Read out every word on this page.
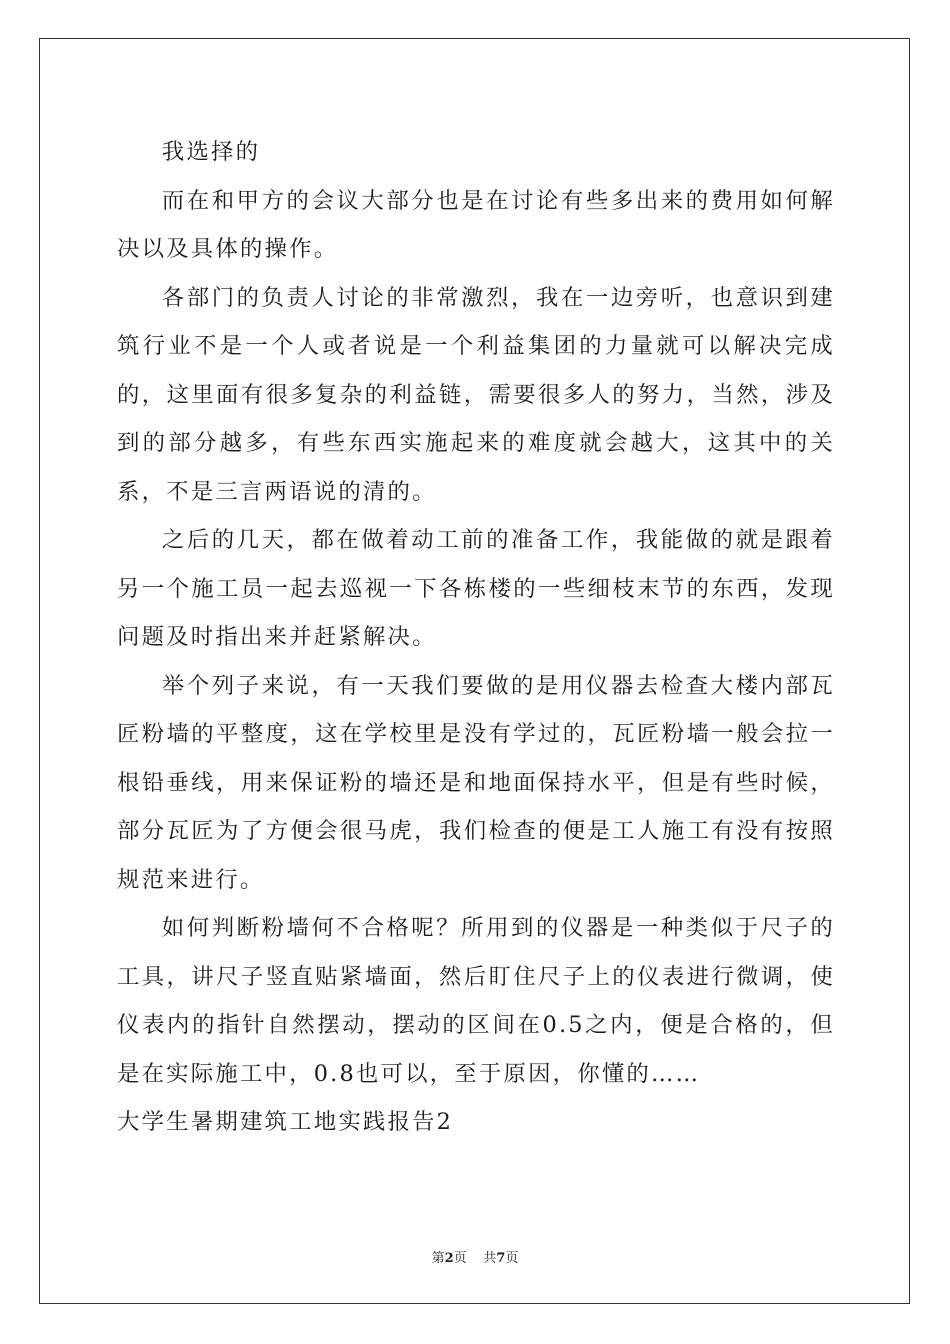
我选择的

而在和甲方的会议大部分也是在讨论有些多出来的费用如何解决以及具体的操作。

各部门的负责人讨论的非常激烈，我在一边旁听，也意识到建筑行业不是一个人或者说是一个利益集团的力量就可以解决完成的，这里面有很多复杂的利益链，需要很多人的努力，当然，涉及到的部分越多，有些东西实施起来的难度就会越大，这其中的关系，不是三言两语说的清的。

之后的几天，都在做着动工前的准备工作，我能做的就是跟着另一个施工员一起去巡视一下各栋楼的一些细枝末节的东西，发现问题及时指出来并赶紧解决。

举个列子来说，有一天我们要做的是用仪器去检查大楼内部瓦匠粉墙的平整度，这在学校里是没有学过的，瓦匠粉墙一般会拉一根铅垂线，用来保证粉的墙还是和地面保持水平，但是有些时候，部分瓦匠为了方便会很马虎，我们检查的便是工人施工有没有按照规范来进行。

如何判断粉墙何不合格呢？所用到的仪器是一种类似于尺子的工具，讲尺子竖直贴紧墙面，然后盯住尺子上的仪表进行微调，使仪表内的指针自然摆动，摆动的区间在0.5之内，便是合格的，但是在实际施工中，0.8也可以，至于原因，你懂的……

大学生暑期建筑工地实践报告2

第2页 共7页
